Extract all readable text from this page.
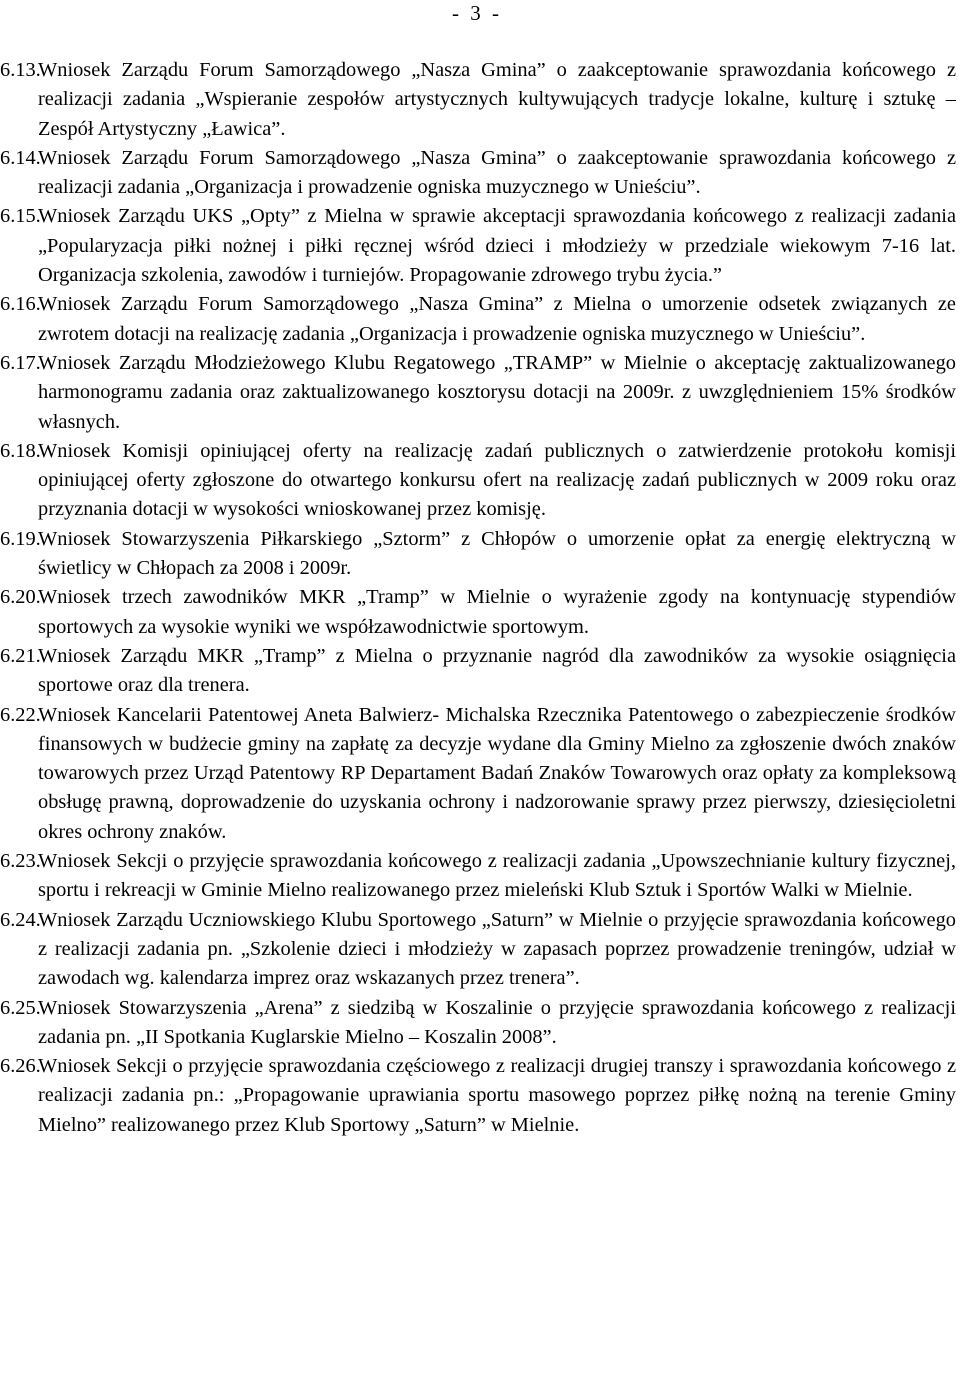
- 3 -

6.13.
Wniosek Zarządu Forum Samorządowego „Nasza Gmina” o zaakceptowanie sprawozdania końcowego z realizacji zadania „Wspieranie zespołów artystycznych kultywujących tradycje lokalne, kulturę i sztukę – Zespół Artystyczny „Ławica”.

6.14.
Wniosek Zarządu Forum Samorządowego „Nasza Gmina” o zaakceptowanie sprawozdania końcowego z realizacji zadania „Organizacja i prowadzenie ogniska muzycznego w Unieściu”.

6.15.
Wniosek Zarządu UKS „Opty” z Mielna w sprawie akceptacji sprawozdania końcowego z realizacji zadania „Popularyzacja piłki nożnej i piłki ręcznej wśród dzieci i młodzieży w przedziale wiekowym 7-16 lat. Organizacja szkolenia, zawodów i turniejów. Propagowanie zdrowego trybu życia.”

6.16.
Wniosek Zarządu Forum Samorządowego „Nasza Gmina” z Mielna o umorzenie odsetek związanych ze zwrotem dotacji na realizację zadania „Organizacja i prowadzenie ogniska muzycznego w Unieściu”.

6.17.
Wniosek Zarządu Młodzieżowego Klubu Regatowego „TRAMP” w Mielnie o akceptację zaktualizowanego harmonogramu zadania oraz zaktualizowanego kosztorysu dotacji na 2009r. z uwzględnieniem 15% środków własnych.

6.18.
Wniosek Komisji opiniującej oferty na realizację zadań publicznych o zatwierdzenie protokołu komisji opiniującej oferty zgłoszone do otwartego konkursu ofert na realizację zadań publicznych w 2009 roku oraz przyznania dotacji w wysokości wnioskowanej przez komisję.

6.19.
Wniosek Stowarzyszenia Piłkarskiego „Sztorm” z Chłopów o umorzenie opłat za energię elektryczną w świetlicy w Chłopach za 2008 i 2009r.

6.20.
Wniosek trzech zawodników MKR „Tramp” w Mielnie o wyrażenie zgody na kontynuację stypendiów sportowych za wysokie wyniki we współzawodnictwie sportowym.

6.21.
Wniosek Zarządu MKR „Tramp” z Mielna o przyznanie nagród dla zawodników za wysokie osiągnięcia sportowe oraz dla trenera.

6.22.
Wniosek Kancelarii Patentowej Aneta Balwierz- Michalska Rzecznika Patentowego o zabezpieczenie środków finansowych w budżecie gminy na zapłatę za decyzje wydane dla Gminy Mielno za zgłoszenie dwóch znaków towarowych przez Urząd Patentowy RP Departament Badań Znaków Towarowych oraz opłaty za kompleksową obsługę prawną, doprowadzenie do uzyskania ochrony i nadzorowanie sprawy przez pierwszy, dziesięcioletni okres ochrony znaków.

6.23.
Wniosek Sekcji o przyjęcie sprawozdania końcowego z realizacji zadania „Upowszechnianie kultury fizycznej, sportu i rekreacji w Gminie Mielno realizowanego przez mieleński Klub Sztuk i Sportów Walki w Mielnie.

6.24.
Wniosek Zarządu Uczniowskiego Klubu Sportowego „Saturn” w Mielnie o przyjęcie sprawozdania końcowego z realizacji zadania pn. „Szkolenie dzieci i młodzieży w zapasach poprzez prowadzenie treningów, udział w zawodach wg. kalendarza imprez oraz wskazanych przez trenera”.

6.25.
Wniosek Stowarzyszenia „Arena” z siedzibą w Koszalinie o przyjęcie sprawozdania końcowego z realizacji zadania pn. „II Spotkania Kuglarskie Mielno – Koszalin 2008”.

6.26.
Wniosek Sekcji o przyjęcie sprawozdania częściowego z realizacji drugiej transzy i sprawozdania końcowego z realizacji zadania pn.: „Propagowanie uprawiania sportu masowego poprzez piłkę nożną na terenie Gminy Mielno” realizowanego przez Klub Sportowy „Saturn” w Mielnie.
